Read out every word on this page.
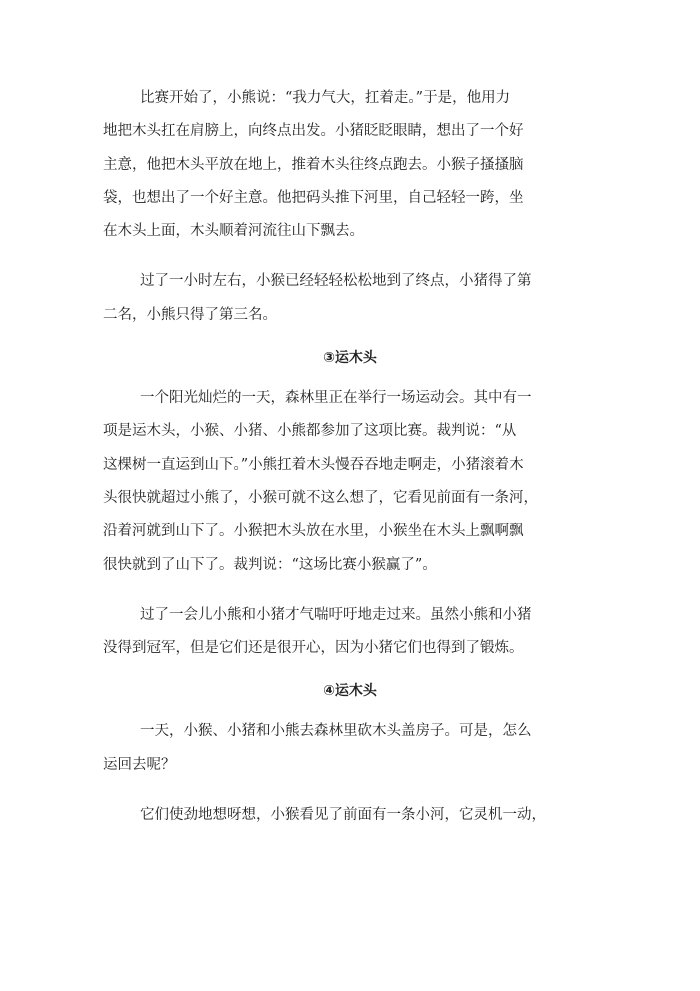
比赛开始了，小熊说：“我力气大，扛着走。”于是，他用力
地把木头扛在肩膀上，向终点出发。小猪眨眨眼睛，想出了一个好
主意，他把木头平放在地上，推着木头往终点跑去。小猴子搔搔脑
袋，也想出了一个好主意。他把码头推下河里，自己轻轻一跨，坐
在木头上面，木头顺着河流往山下飘去。
过了一小时左右，小猴已经轻轻松松地到了终点，小猪得了第
二名，小熊只得了第三名。
③运木头
一个阳光灿烂的一天，森林里正在举行一场运动会。其中有一
项是运木头，小猴、小猪、小熊都参加了这项比赛。裁判说：“从
这棵树一直运到山下。”小熊扛着木头慢吞吞地走啊走，小猪滚着木
头很快就超过小熊了，小猴可就不这么想了，它看见前面有一条河，
沿着河就到山下了。小猴把木头放在水里，小猴坐在木头上飘啊飘
很快就到了山下了。裁判说：“这场比赛小猴赢了”。
过了一会儿小熊和小猪才气喘吁吁地走过来。虽然小熊和小猪
没得到冠军，但是它们还是很开心，因为小猪它们也得到了锻炼。
④运木头
一天，小猴、小猪和小熊去森林里砍木头盖房子。可是，怎么
运回去呢？
它们使劲地想呀想，小猴看见了前面有一条小河，它灵机一动，
